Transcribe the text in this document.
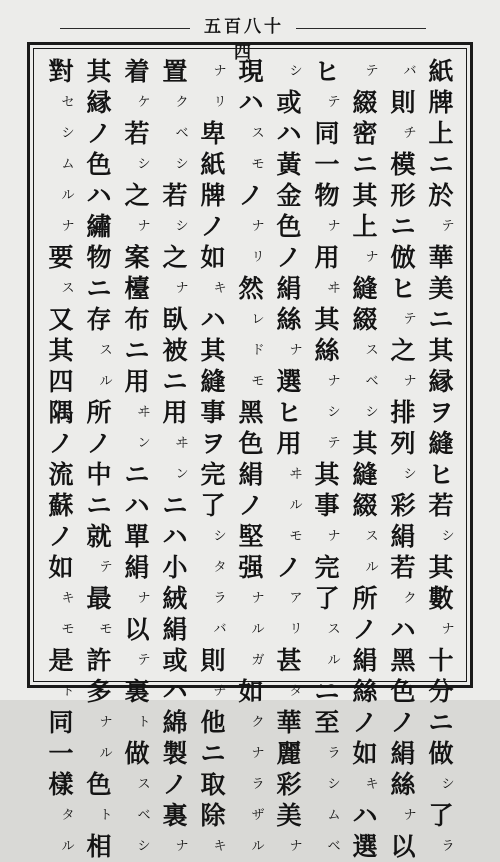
五百八十四
紙
牌
上
ニ
於
テ
華
美
ニ
其
縁
ヲ
縫
ヒ
若
シ
其
數
ナ
十
分
ニ
做
シ
了
ラ
バ
則
チ
模
形
ニ
倣
ヒ
テ
之
ナ
排
列
シ
彩
絹
若
ク
ハ
黑
色
ノ
絹
絲
ナ
以
テ
綴
密
ニ
其
上
ナ
縫
綴
ス
ベ
シ
其
縫
綴
ス
ル
所
ノ
絹
絲
ノ
如
キ
ハ
選
ヒ
テ
同
一
物
ナ
用
ヰ
其
絲
ナ
シ
テ
其
事
ナ
完
了
ス
ル
ニ
至
ラ
シ
ム
ベ
シ
或
ハ
黃
金
色
ノ
絹
絲
ナ
選
ヒ
用
ヰ
ル
モ
ノ
ア
リ
甚
タ
華
麗
彩
美
ナ
現
ハ
ス
モ
ノ
ナ
リ
然
レ
ド
モ
黑
色
絹
ノ
堅
强
ナ
ル
ガ
如
ク
ナ
ラ
ザ
ル
ナ
リ
卑
紙
牌
ノ
如
キ
ハ
其
縫
事
ヲ
完
了
シ
タ
ラ
バ
則
チ
他
ニ
取
除
キ
置
ク
ベ
シ
若
シ
之
ナ
臥
被
ニ
用
ヰ
ン
ニ
ハ
小
絨
絹
或
ハ
綿
製
ノ
裏
ナ
着
ケ
若
シ
之
ナ
案
檯
布
ニ
用
ヰ
ン
ニ
ハ
單
絹
ナ
以
テ
裏
ト
做
ス
ベ
シ
其
縁
ノ
色
ハ
繡
物
ニ
存
ス
ル
所
ノ
中
ニ
就
テ
最
モ
許
多
ナ
ル
色
ト
相
對
セ
シ
ム
ル
ナ
要
ス
又
其
四
隅
ノ
流
蘇
ノ
如
キ
モ
是
ト
同
一
樣
タ
ル
